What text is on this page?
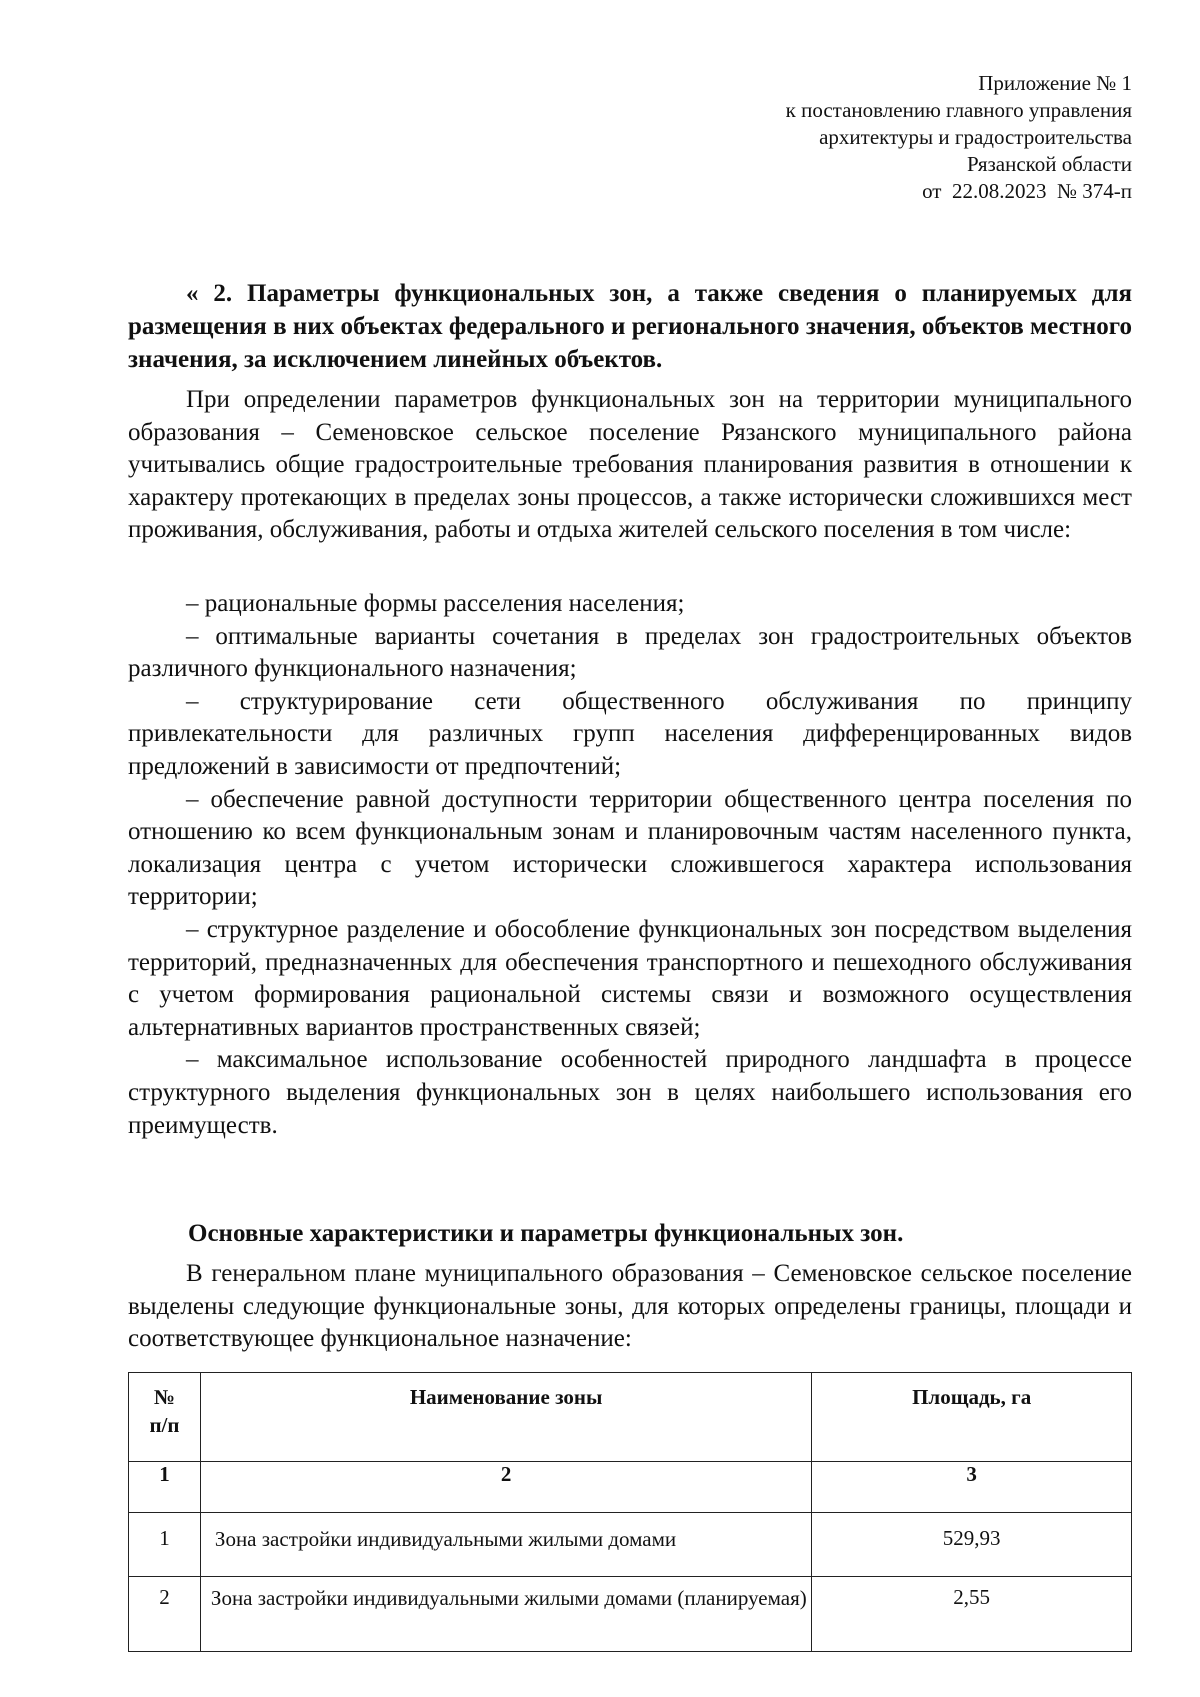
Приложение № 1
к постановлению главного управления
архитектуры и градостроительства
Рязанской области
от  22.08.2023  № 374-п
« 2. Параметры функциональных зон, а также сведения о планируемых для размещения в них объектах федерального и регионального значения, объектов местного значения, за исключением линейных объектов.

При определении параметров функциональных зон на территории муниципального образования – Семеновское сельское поселение Рязанского муниципального района учитывались общие градостроительные требования планирования развития в отношении к характеру протекающих в пределах зоны процессов, а также исторически сложившихся мест проживания, обслуживания, работы и отдыха жителей сельского поселения в том числе:

– рациональные формы расселения населения;

– оптимальные варианты сочетания в пределах зон градостроительных объектов различного функционального назначения;

– структурирование сети общественного обслуживания по принципу привлекательности для различных групп населения дифференцированных видов предложений в зависимости от предпочтений;

– обеспечение равной доступности территории общественного центра поселения по отношению ко всем функциональным зонам и планировочным частям населенного пункта, локализация центра с учетом исторически сложившегося характера использования территории;

– структурное разделение и обособление функциональных зон посредством выделения территорий, предназначенных для обеспечения транспортного и пешеходного обслуживания с учетом формирования рациональной системы связи и возможного осуществления альтернативных вариантов пространственных связей;

– максимальное использование особенностей природного ландшафта в процессе структурного выделения функциональных зон в целях наибольшего использования его преимуществ.

Основные характеристики и параметры функциональных зон.

В генеральном плане муниципального образования – Семеновское сельское поселение выделены следующие функциональные зоны, для которых определены границы, площади и соответствующее функциональное назначение:

№
п/п	Наименование зоны	Площадь, га
1	2	3
1	Зона застройки индивидуальными жилыми домами	529,93
2	Зона застройки индивидуальными жилыми домами (планируемая)	2,55
